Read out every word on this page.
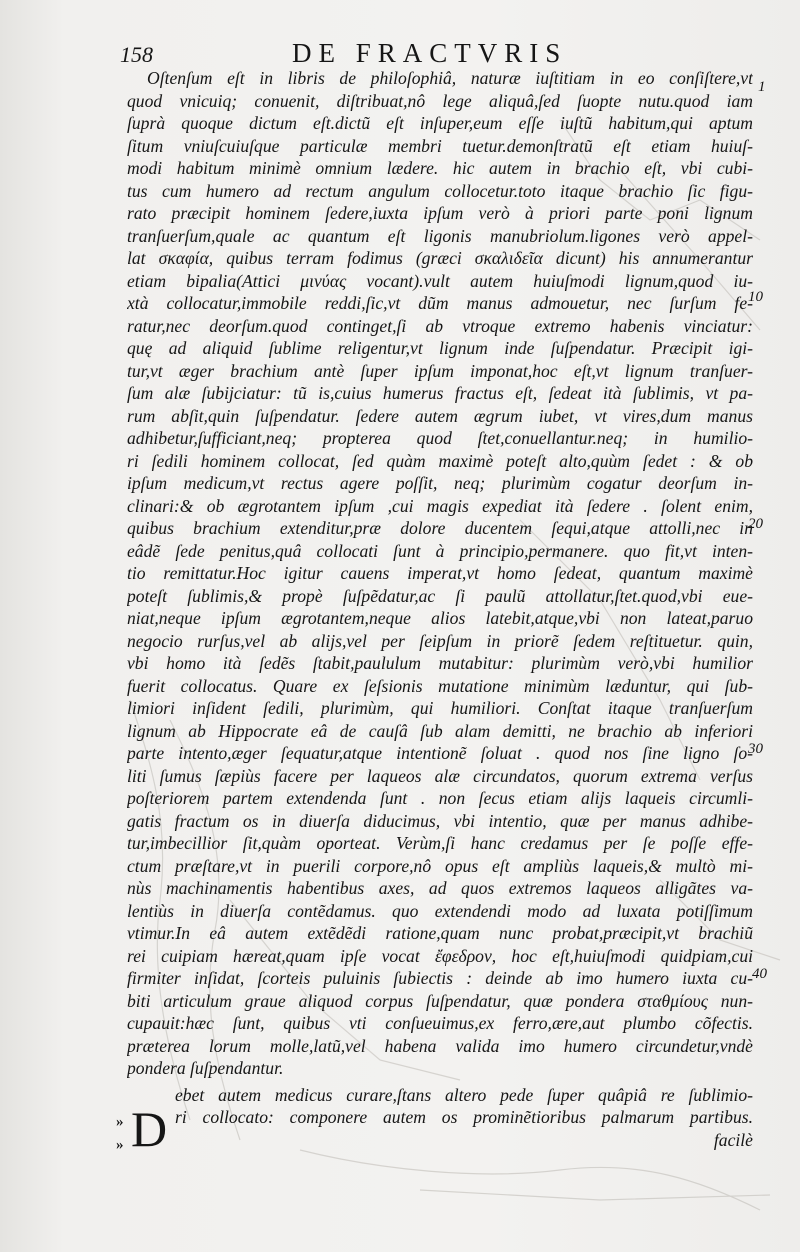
158	DE FRACTVRIS
Oſtenſum eſt in libris de philoſophiâ, naturæ iuſtitiam in eo conſiſtere,vt
quod vnicuiq; conuenit, diſtribuat,nô lege aliquâ,ſed ſuopte nutu.quod iam
ſuprà quoque dictum eſt.dictũ eſt inſuper,eum eſſe iuſtũ habitum,qui aptum
ſitum vniuſcuiuſque particulæ membri tuetur.demonſtratũ eſt etiam huiuſ-
modi habitum minimè omnium lædere. hic autem in brachio eſt, vbi cubi-
tus cum humero ad rectum angulum collocetur.toto itaque brachio ſic figu-
rato præcipit hominem ſedere,iuxta ipſum verò à priori parte poni lignum
tranſuerſum,quale ac quantum eſt ligonis manubriolum.ligones verò appel-
lat σκαφία, quibus terram fodimus (græci σκαλιδεῖα dicunt) his annumerantur
etiam bipalia(Attici μινύας vocant).vult autem huiuſmodi lignum,quod iu-
xtà collocatur,immobile reddi,ſic,vt dũm manus admouetur, nec ſurſum fe-
ratur,nec deorſum.quod continget,ſi ab vtroque extremo habenis vinciatur:
quę ad aliquid ſublime religentur,vt lignum inde ſuſpendatur. Præcipit igi-
tur,vt æger brachium antè ſuper ipſum imponat,hoc eſt,vt lignum tranſuer-
ſum alæ ſubijciatur: tũ is,cuius humerus fractus eſt, ſedeat ità ſublimis, vt pa-
rum abſit,quin ſuſpendatur. ſedere autem ægrum iubet, vt vires,dum manus
adhibetur,ſufficiant,neq; propterea quod ſtet,conuellantur.neq; in humilio-
ri ſedili hominem collocat, ſed quàm maximè poteſt alto,quùm ſedet : & ob
ipſum medicum,vt rectus agere poſſit, neq; plurimùm cogatur deorſum in-
clinari:& ob ægrotantem ipſum ,cui magis expediat ità ſedere . ſolent enim,
quibus brachium extenditur,præ dolore ducentem ſequi,atque attolli,nec in
eâdẽ ſede penitus,quâ collocati ſunt à principio,permanere. quo fit,vt inten-
tio remittatur.Hoc igitur cauens imperat,vt homo ſedeat, quantum maximè
poteſt ſublimis,& propè ſuſpẽdatur,ac ſi paulũ attollatur,ſtet.quod,vbi eue-
niat,neque ipſum ægrotantem,neque alios latebit,atque,vbi non lateat,paruo
negocio rurſus,vel ab alijs,vel per ſeipſum in priorẽ ſedem reſtituetur. quin,
vbi homo ità ſedẽs ſtabit,paululum mutabitur: plurimùm verò,vbi humilior
fuerit collocatus. Quare ex ſeſsionis mutatione minimùm læduntur, qui ſub-
limiori inſident ſedili, plurimùm, qui humiliori. Conſtat itaque tranſuerſum
lignum ab Hippocrate eâ de cauſâ ſub alam demitti, ne brachio ab inferiori
parte intento,æger ſequatur,atque intentionẽ ſoluat . quod nos ſine ligno ſo-
liti ſumus ſæpiùs facere per laqueos alæ circundatos, quorum extrema verſus
poſteriorem partem extendenda ſunt . non ſecus etiam alijs laqueis circumli-
gatis fractum os in diuerſa diducimus, vbi intentio, quæ per manus adhibe-
tur,imbecillior ſit,quàm oporteat. Verùm,ſi hanc credamus per ſe poſſe effe-
ctum præſtare,vt in puerili corpore,nô opus eſt ampliùs laqueis,& multò mi-
nùs machinamentis habentibus axes, ad quos extremos laqueos alligãtes va-
lentiùs in diuerſa contẽdamus. quo extendendi modo ad luxata potiſſimum
vtimur.In eâ autem extẽdẽdi ratione,quam nunc probat,præcipit,vt brachiũ
rei cuipiam hæreat,quam ipſe vocat ἔφεδρον, hoc eſt,huiuſmodi quidpiam,cui
firmiter inſidat, ſcorteis puluinis ſubiectis : deinde ab imo humero iuxta cu-
biti articulum graue aliquod corpus ſuſpendatur, quæ pondera σταθμίους nun-
cupauit:hæc ſunt, quibus vti conſueuimus,ex ferro,ære,aut plumbo cõfectis.
præterea lorum molle,latũ,vel habena valida imo humero circundetur,vndè
pondera ſuſpendantur.
ebet autem medicus curare,ſtans altero pede ſuper quâpiâ re ſublimio-
ri collocato: componere autem os prominẽtioribus palmarum partibus.
facilè
D
»
»
1
10
20
30
40
